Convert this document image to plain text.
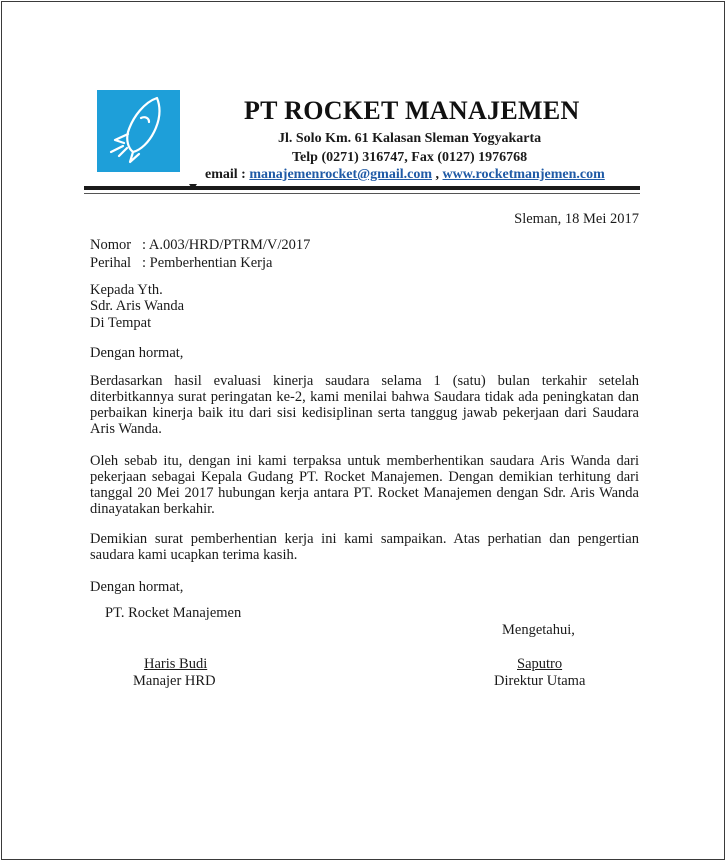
PT ROCKET MANAJEMEN
Jl. Solo Km. 61 Kalasan Sleman Yogyakarta
Telp (0271) 316747, Fax (0127) 1976768
email : manajemenrocket@gmail.com , www.rocketmanjemen.com
Sleman, 18 Mei 2017
Nomor : A.003/HRD/PTRM/V/2017
Perihal : Pemberhentian Kerja
Kepada Yth.
Sdr. Aris Wanda
Di Tempat
Dengan hormat,

Berdasarkan hasil evaluasi kinerja saudara selama 1 (satu) bulan terkahir setelah diterbitkannya surat peringatan ke-2, kami menilai bahwa Saudara tidak ada peningkatan dan perbaikan kinerja baik itu dari sisi kedisiplinan serta tanggug jawab pekerjaan dari Saudara Aris Wanda.

Oleh sebab itu, dengan ini kami terpaksa untuk memberhentikan saudara Aris Wanda dari pekerjaan sebagai Kepala Gudang PT. Rocket Manajemen. Dengan demikian terhitung dari tanggal 20 Mei 2017 hubungan kerja antara PT. Rocket Manajemen dengan Sdr. Aris Wanda dinayatakan berkahir.

Demikian surat pemberhentian kerja ini kami sampaikan. Atas perhatian dan pengertian saudara kami ucapkan terima kasih.

Dengan hormat,
PT. Rocket Manajemen
Mengetahui,
Haris Budi
Manajer HRD
Saputro
Direktur Utama
